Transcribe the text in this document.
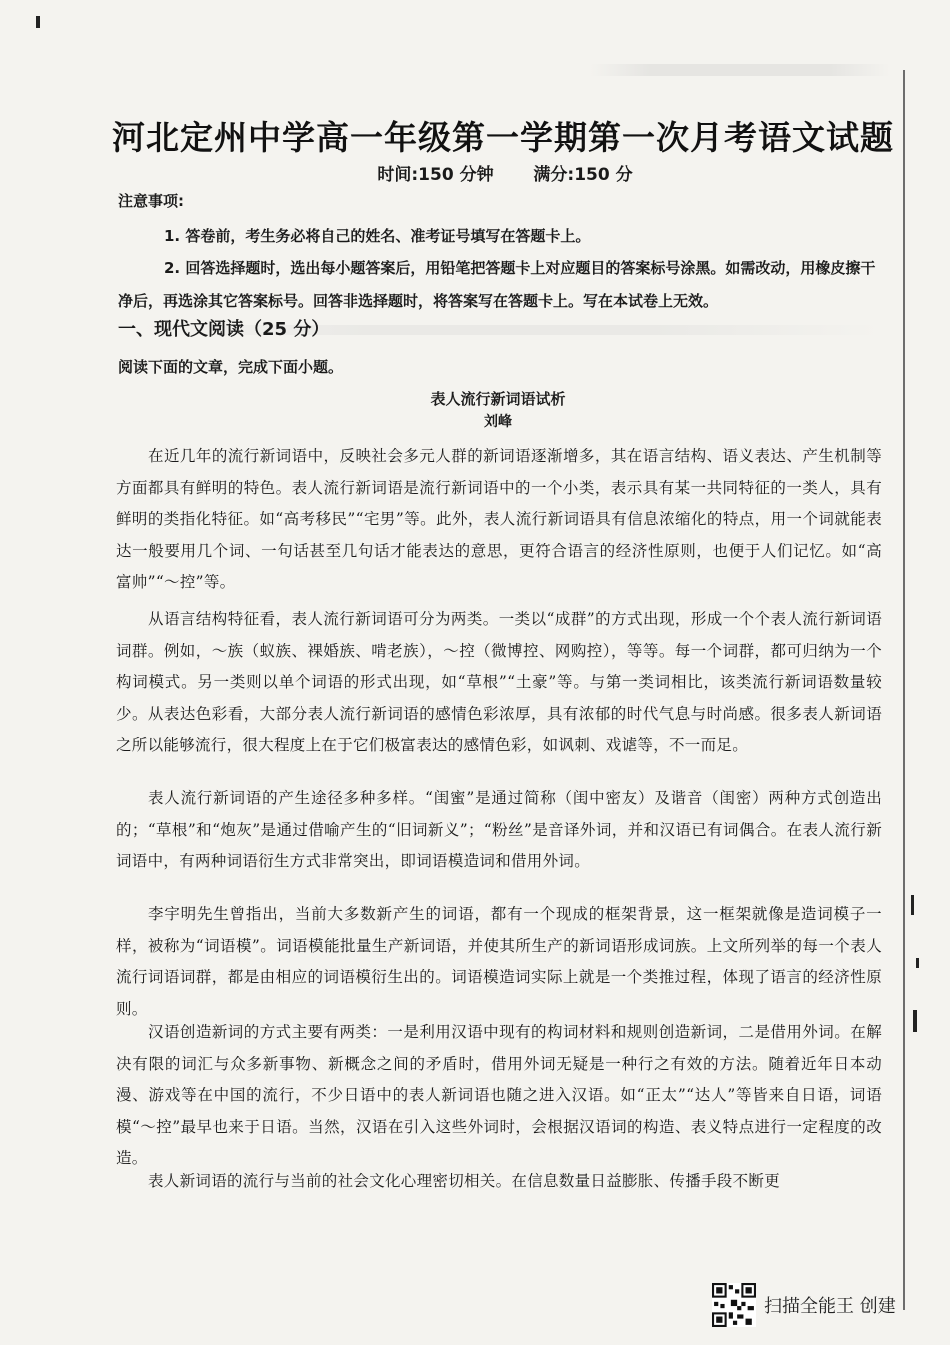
河北定州中学高一年级第一学期第一次月考语文试题
时间:150 分钟 满分:150 分
注意事项:
1. 答卷前，考生务必将自己的姓名、准考证号填写在答题卡上。
2. 回答选择题时，选出每小题答案后，用铅笔把答题卡上对应题目的答案标号涂黑。如需改动，用橡皮擦干净后，再选涂其它答案标号。回答非选择题时，将答案写在答题卡上。写在本试卷上无效。
一、现代文阅读（25 分）
阅读下面的文章，完成下面小题。
表人流行新词语试析
刘峰
在近几年的流行新词语中，反映社会多元人群的新词语逐渐增多，其在语言结构、语义表达、产生机制等方面都具有鲜明的特色。表人流行新词语是流行新词语中的一个小类，表示具有某一共同特征的一类人，具有鲜明的类指化特征。如“高考移民”“宅男”等。此外，表人流行新词语具有信息浓缩化的特点，用一个词就能表达一般要用几个词、一句话甚至几句话才能表达的意思，更符合语言的经济性原则，也便于人们记忆。如“高富帅”“～控”等。
从语言结构特征看，表人流行新词语可分为两类。一类以“成群”的方式出现，形成一个个表人流行新词语词群。例如，～族（蚁族、裸婚族、啃老族），～控（微博控、网购控），等等。每一个词群，都可归纳为一个构词模式。另一类则以单个词语的形式出现，如“草根”“土豪”等。与第一类词相比，该类流行新词语数量较少。从表达色彩看，大部分表人流行新词语的感情色彩浓厚，具有浓郁的时代气息与时尚感。很多表人新词语之所以能够流行，很大程度上在于它们极富表达的感情色彩，如讽刺、戏谑等，不一而足。
表人流行新词语的产生途径多种多样。“闺蜜”是通过简称（闺中密友）及谐音（闺密）两种方式创造出的；“草根”和“炮灰”是通过借喻产生的“旧词新义”；“粉丝”是音译外词，并和汉语已有词偶合。在表人流行新词语中，有两种词语衍生方式非常突出，即词语模造词和借用外词。
李宇明先生曾指出，当前大多数新产生的词语，都有一个现成的框架背景，这一框架就像是造词模子一样，被称为“词语模”。词语模能批量生产新词语，并使其所生产的新词语形成词族。上文所列举的每一个表人流行词语词群，都是由相应的词语模衍生出的。词语模造词实际上就是一个类推过程，体现了语言的经济性原则。
汉语创造新词的方式主要有两类：一是利用汉语中现有的构词材料和规则创造新词，二是借用外词。在解决有限的词汇与众多新事物、新概念之间的矛盾时，借用外词无疑是一种行之有效的方法。随着近年日本动漫、游戏等在中国的流行，不少日语中的表人新词语也随之进入汉语。如“正太”“达人”等皆来自日语，词语模“～控”最早也来于日语。当然，汉语在引入这些外词时，会根据汉语词的构造、表义特点进行一定程度的改造。
表人新词语的流行与当前的社会文化心理密切相关。在信息数量日益膨胀、传播手段不断更
扫描全能王 创建
